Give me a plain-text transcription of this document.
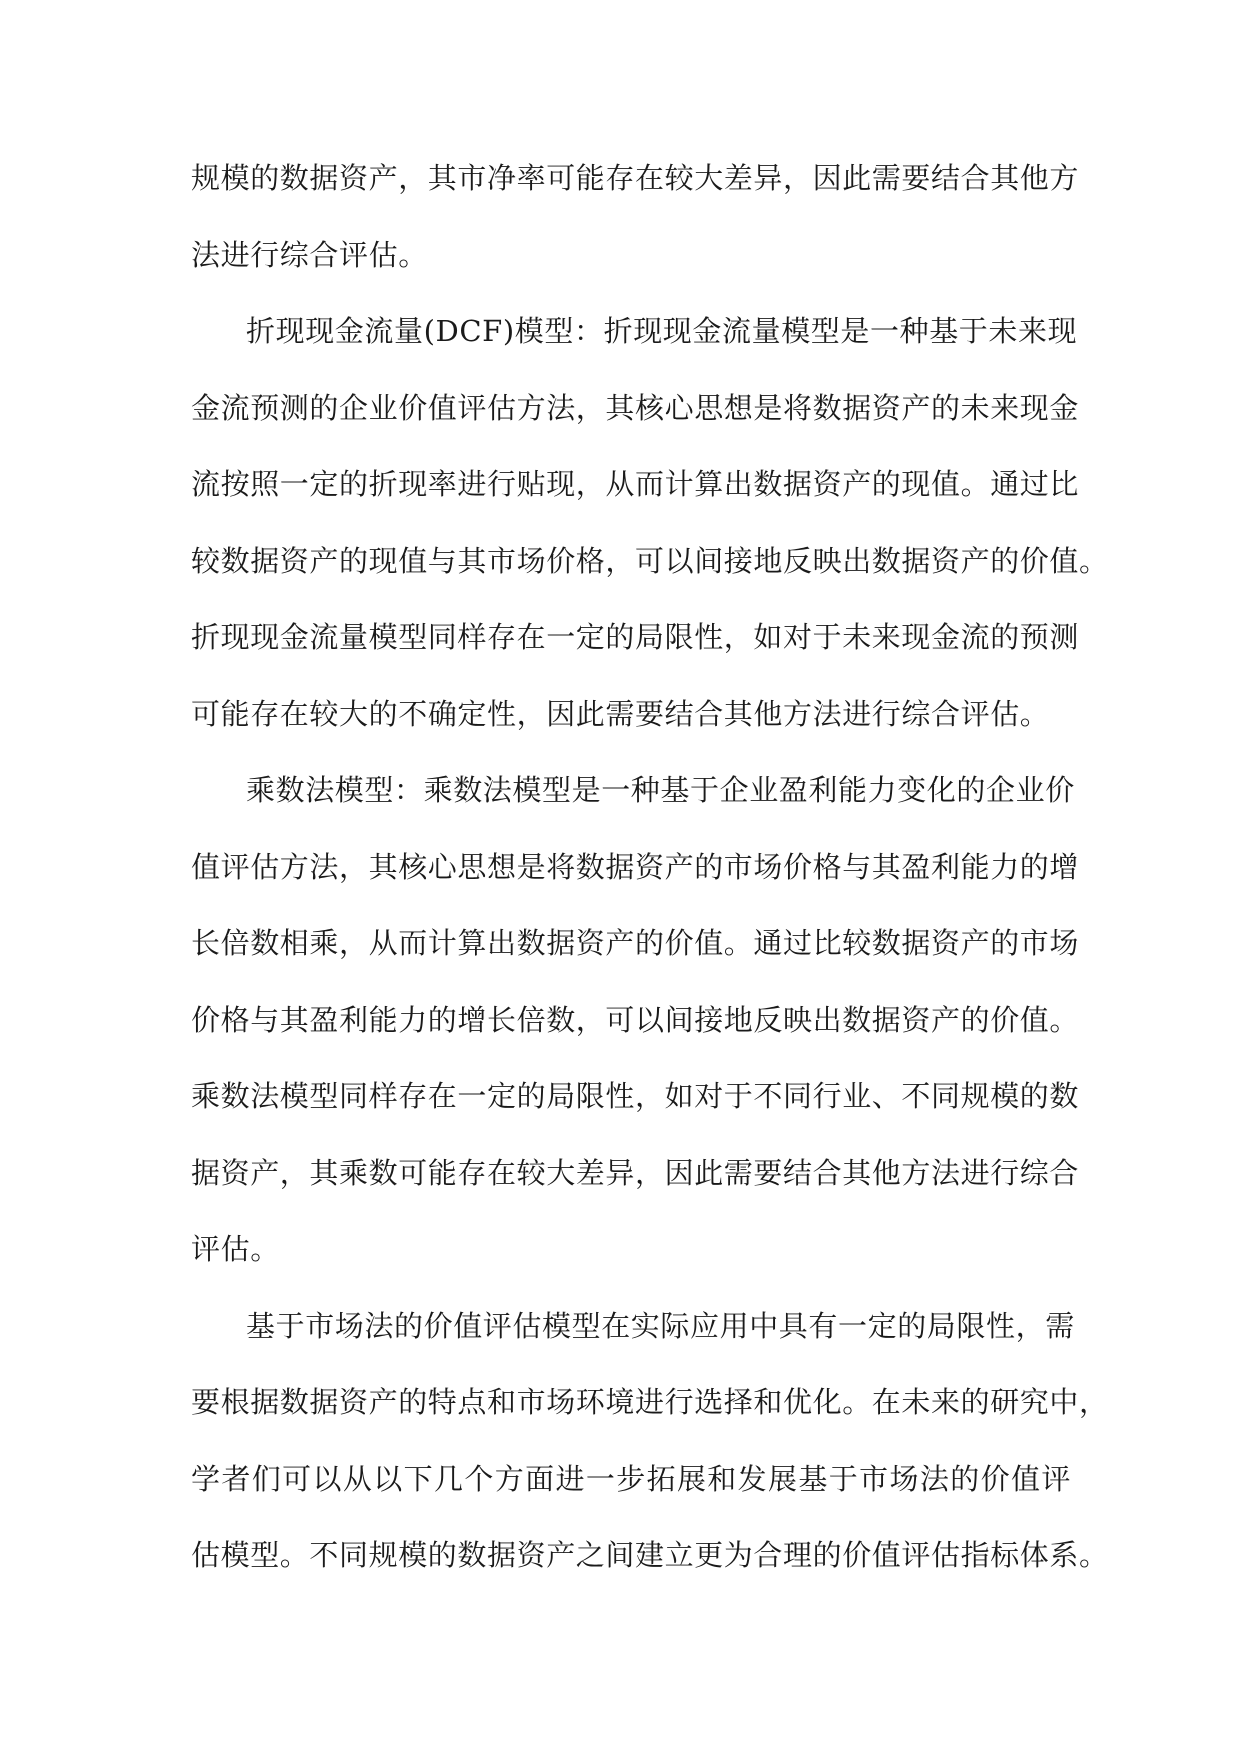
规模的数据资产，其市净率可能存在较大差异，因此需要结合其他方
法进行综合评估。
折现现金流量(DCF)模型：折现现金流量模型是一种基于未来现
金流预测的企业价值评估方法，其核心思想是将数据资产的未来现金
流按照一定的折现率进行贴现，从而计算出数据资产的现值。通过比
较数据资产的现值与其市场价格，可以间接地反映出数据资产的价值。
折现现金流量模型同样存在一定的局限性，如对于未来现金流的预测
可能存在较大的不确定性，因此需要结合其他方法进行综合评估。
乘数法模型：乘数法模型是一种基于企业盈利能力变化的企业价
值评估方法，其核心思想是将数据资产的市场价格与其盈利能力的增
长倍数相乘，从而计算出数据资产的价值。通过比较数据资产的市场
价格与其盈利能力的增长倍数，可以间接地反映出数据资产的价值。
乘数法模型同样存在一定的局限性，如对于不同行业、不同规模的数
据资产，其乘数可能存在较大差异，因此需要结合其他方法进行综合
评估。
基于市场法的价值评估模型在实际应用中具有一定的局限性，需
要根据数据资产的特点和市场环境进行选择和优化。在未来的研究中，
学者们可以从以下几个方面进一步拓展和发展基于市场法的价值评
估模型。不同规模的数据资产之间建立更为合理的价值评估指标体系。
